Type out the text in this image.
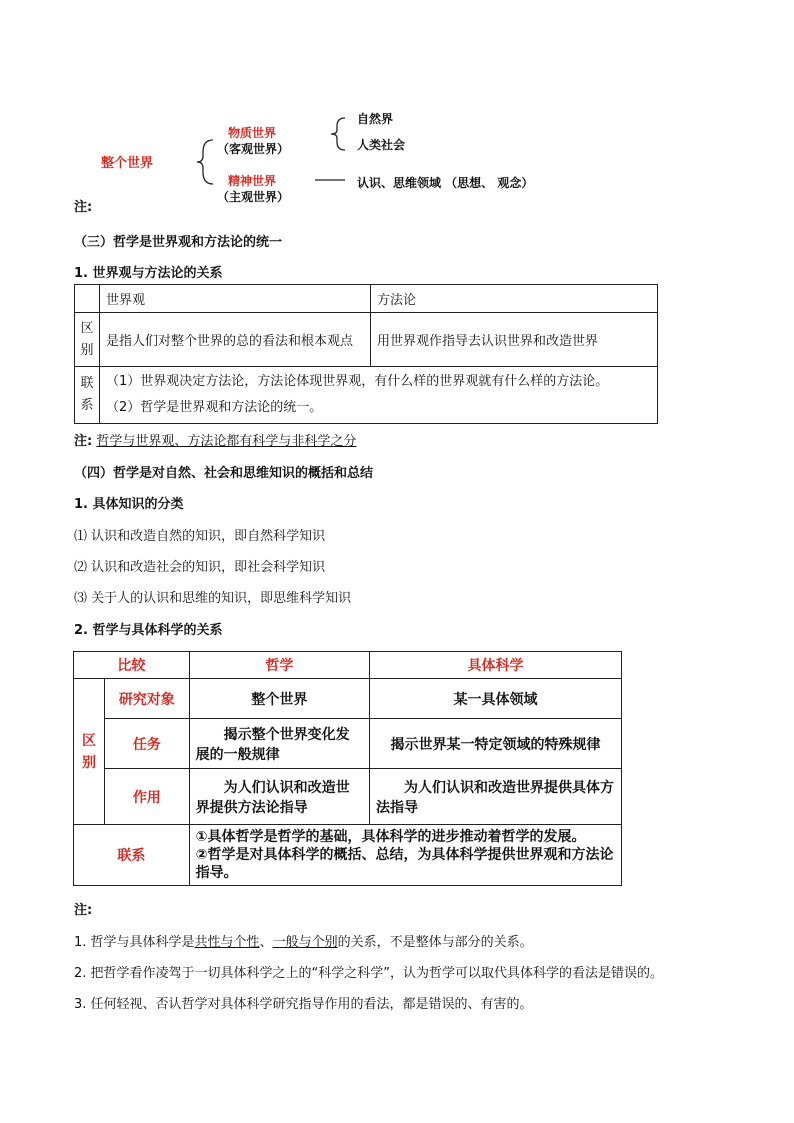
整个世界
物质世界
（客观世界）
精神世界
（主观世界）
自然界
人类社会
认识、思维领域 （思想、 观念）

注:

（三）哲学是世界观和方法论的统一

1. 世界观与方法论的关系

	世界观	方法论
区别	是指人们对整个世界的总的看法和根本观点	用世界观作指导去认识世界和改造世界
联系	（1）世界观决定方法论，方法论体现世界观，有什么样的世界观就有什么样的方法论。
（2）哲学是世界观和方法论的统一。	

注: 哲学与世界观、方法论都有科学与非科学之分

（四）哲学是对自然、社会和思维知识的概括和总结

1. 具体知识的分类

⑴ 认识和改造自然的知识，即自然科学知识

⑵ 认识和改造社会的知识，即社会科学知识

⑶ 关于人的认识和思维的知识，即思维科学知识

2. 哲学与具体科学的关系

比较		哲学	具体科学
区别	研究对象	整个世界	某一具体领域
	任务	揭示整个世界变化发展的一般规律	揭示世界某一特定领域的特殊规律
	作用	为人们认识和改造世界提供方法论指导	为人们认识和改造世界提供具体方法指导
联系		①具体哲学是哲学的基础，具体科学的进步推动着哲学的发展。
②哲学是对具体科学的概括、总结，为具体科学提供世界观和方法论指导。	

注:

1. 哲学与具体科学是共性与个性、一般与个别的关系，不是整体与部分的关系。

2. 把哲学看作凌驾于一切具体科学之上的“科学之科学”，认为哲学可以取代具体科学的看法是错误的。

3. 任何轻视、否认哲学对具体科学研究指导作用的看法，都是错误的、有害的。
